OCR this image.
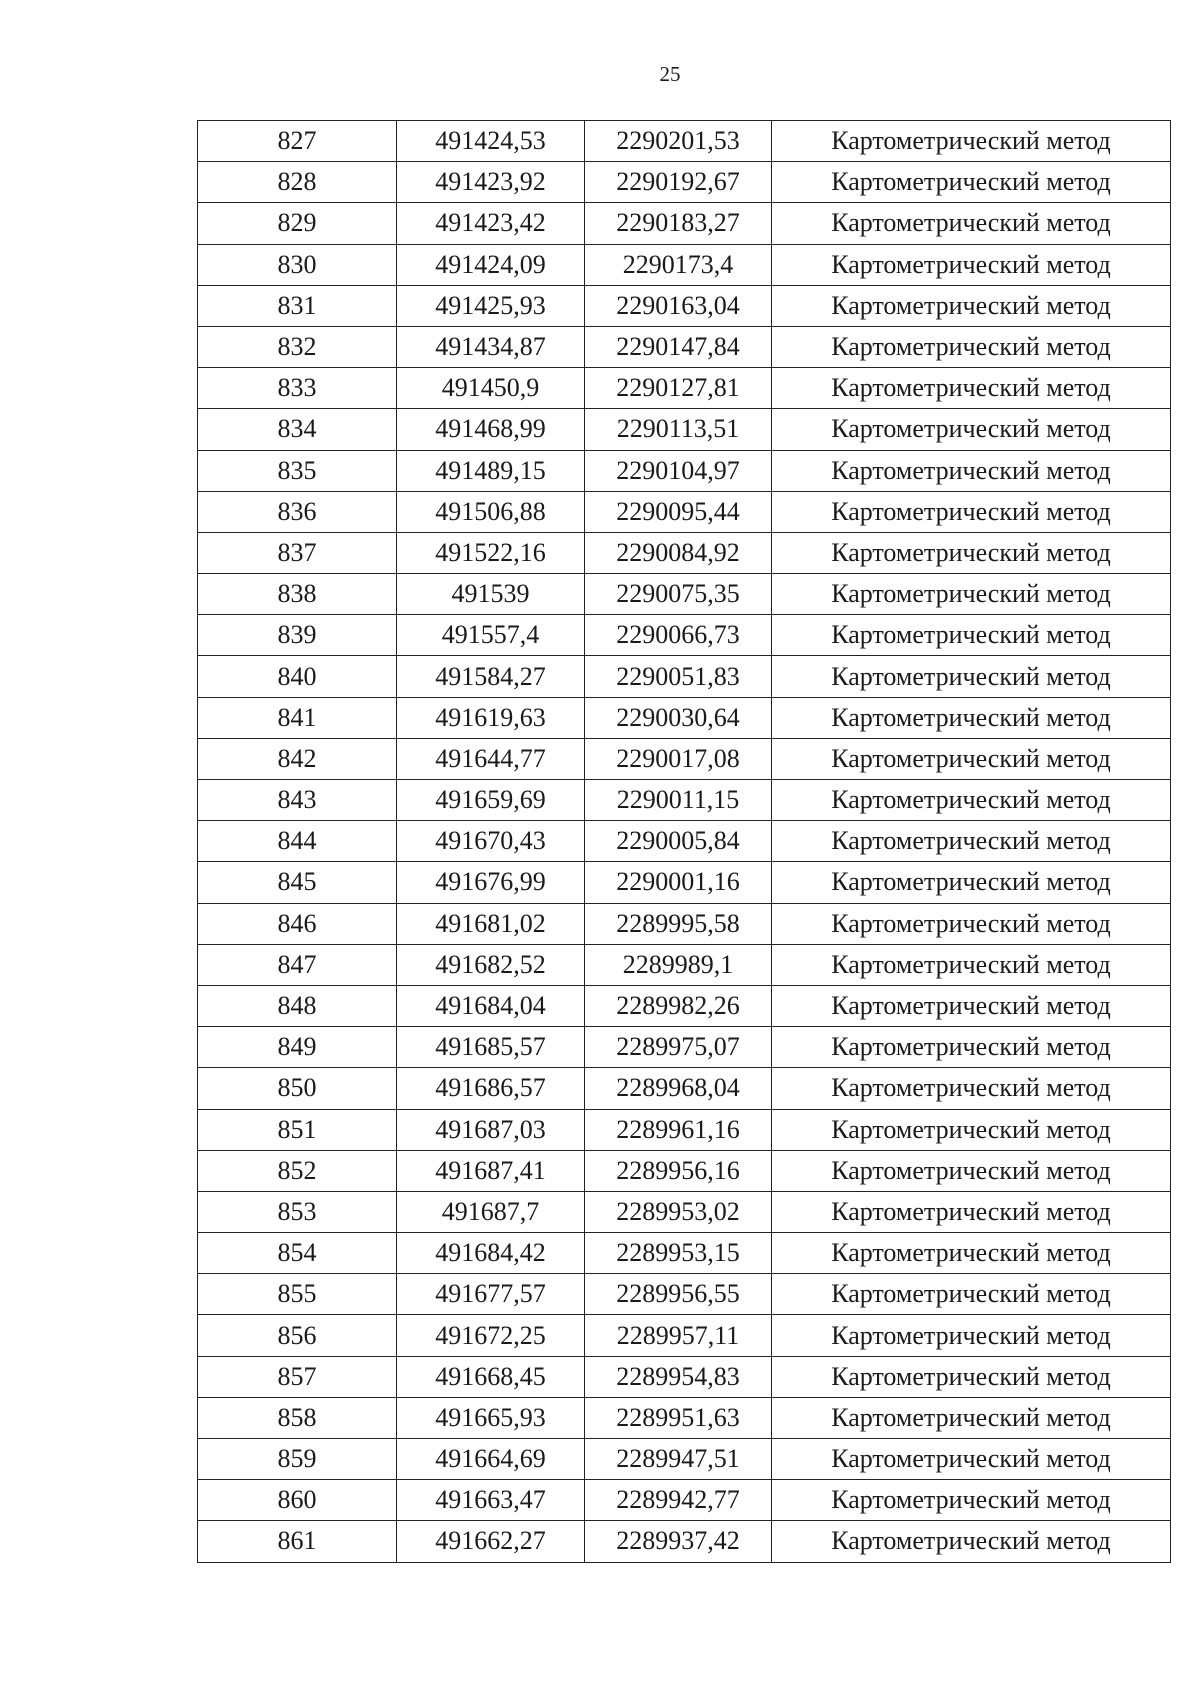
25
827	491424,53	2290201,53	Картометрический метод
828	491423,92	2290192,67	Картометрический метод
829	491423,42	2290183,27	Картометрический метод
830	491424,09	2290173,4	Картометрический метод
831	491425,93	2290163,04	Картометрический метод
832	491434,87	2290147,84	Картометрический метод
833	491450,9	2290127,81	Картометрический метод
834	491468,99	2290113,51	Картометрический метод
835	491489,15	2290104,97	Картометрический метод
836	491506,88	2290095,44	Картометрический метод
837	491522,16	2290084,92	Картометрический метод
838	491539	2290075,35	Картометрический метод
839	491557,4	2290066,73	Картометрический метод
840	491584,27	2290051,83	Картометрический метод
841	491619,63	2290030,64	Картометрический метод
842	491644,77	2290017,08	Картометрический метод
843	491659,69	2290011,15	Картометрический метод
844	491670,43	2290005,84	Картометрический метод
845	491676,99	2290001,16	Картометрический метод
846	491681,02	2289995,58	Картометрический метод
847	491682,52	2289989,1	Картометрический метод
848	491684,04	2289982,26	Картометрический метод
849	491685,57	2289975,07	Картометрический метод
850	491686,57	2289968,04	Картометрический метод
851	491687,03	2289961,16	Картометрический метод
852	491687,41	2289956,16	Картометрический метод
853	491687,7	2289953,02	Картометрический метод
854	491684,42	2289953,15	Картометрический метод
855	491677,57	2289956,55	Картометрический метод
856	491672,25	2289957,11	Картометрический метод
857	491668,45	2289954,83	Картометрический метод
858	491665,93	2289951,63	Картометрический метод
859	491664,69	2289947,51	Картометрический метод
860	491663,47	2289942,77	Картометрический метод
861	491662,27	2289937,42	Картометрический метод
